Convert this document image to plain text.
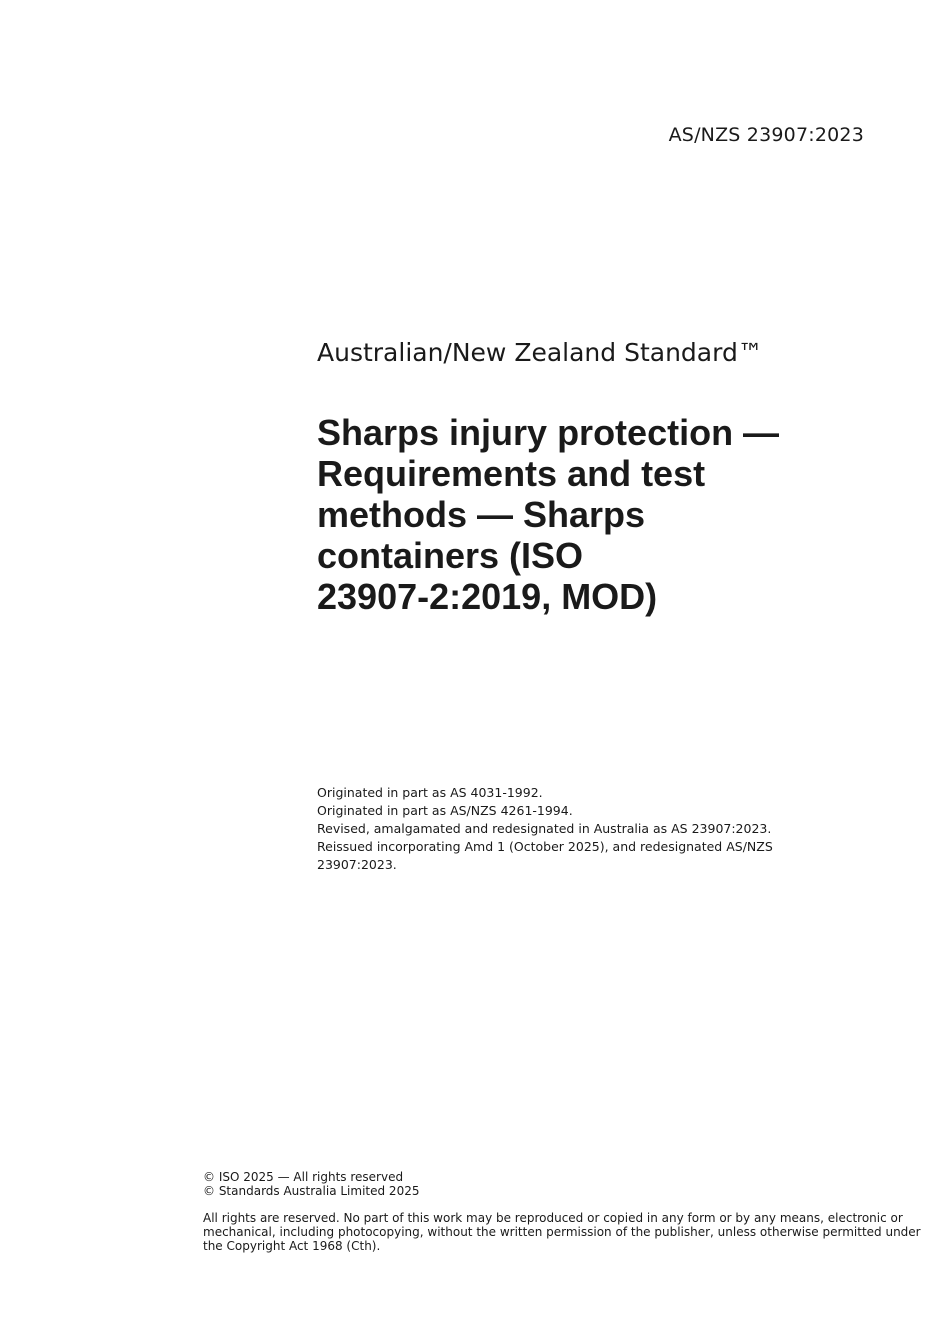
AS/NZS 23907:2023
Australian/New Zealand Standard™
Sharps injury protection —
Requirements and test
methods — Sharps
containers (ISO
23907-2:2019, MOD)
Originated in part as AS 4031-1992.
Originated in part as AS/NZS 4261-1994.
Revised, amalgamated and redesignated in Australia as AS 23907:2023.
Reissued incorporating Amd 1 (October 2025), and redesignated AS/NZS
23907:2023.
© ISO 2025 — All rights reserved
© Standards Australia Limited 2025
All rights are reserved. No part of this work may be reproduced or copied in any form or by any means, electronic or
mechanical, including photocopying, without the written permission of the publisher, unless otherwise permitted under
the Copyright Act 1968 (Cth).
